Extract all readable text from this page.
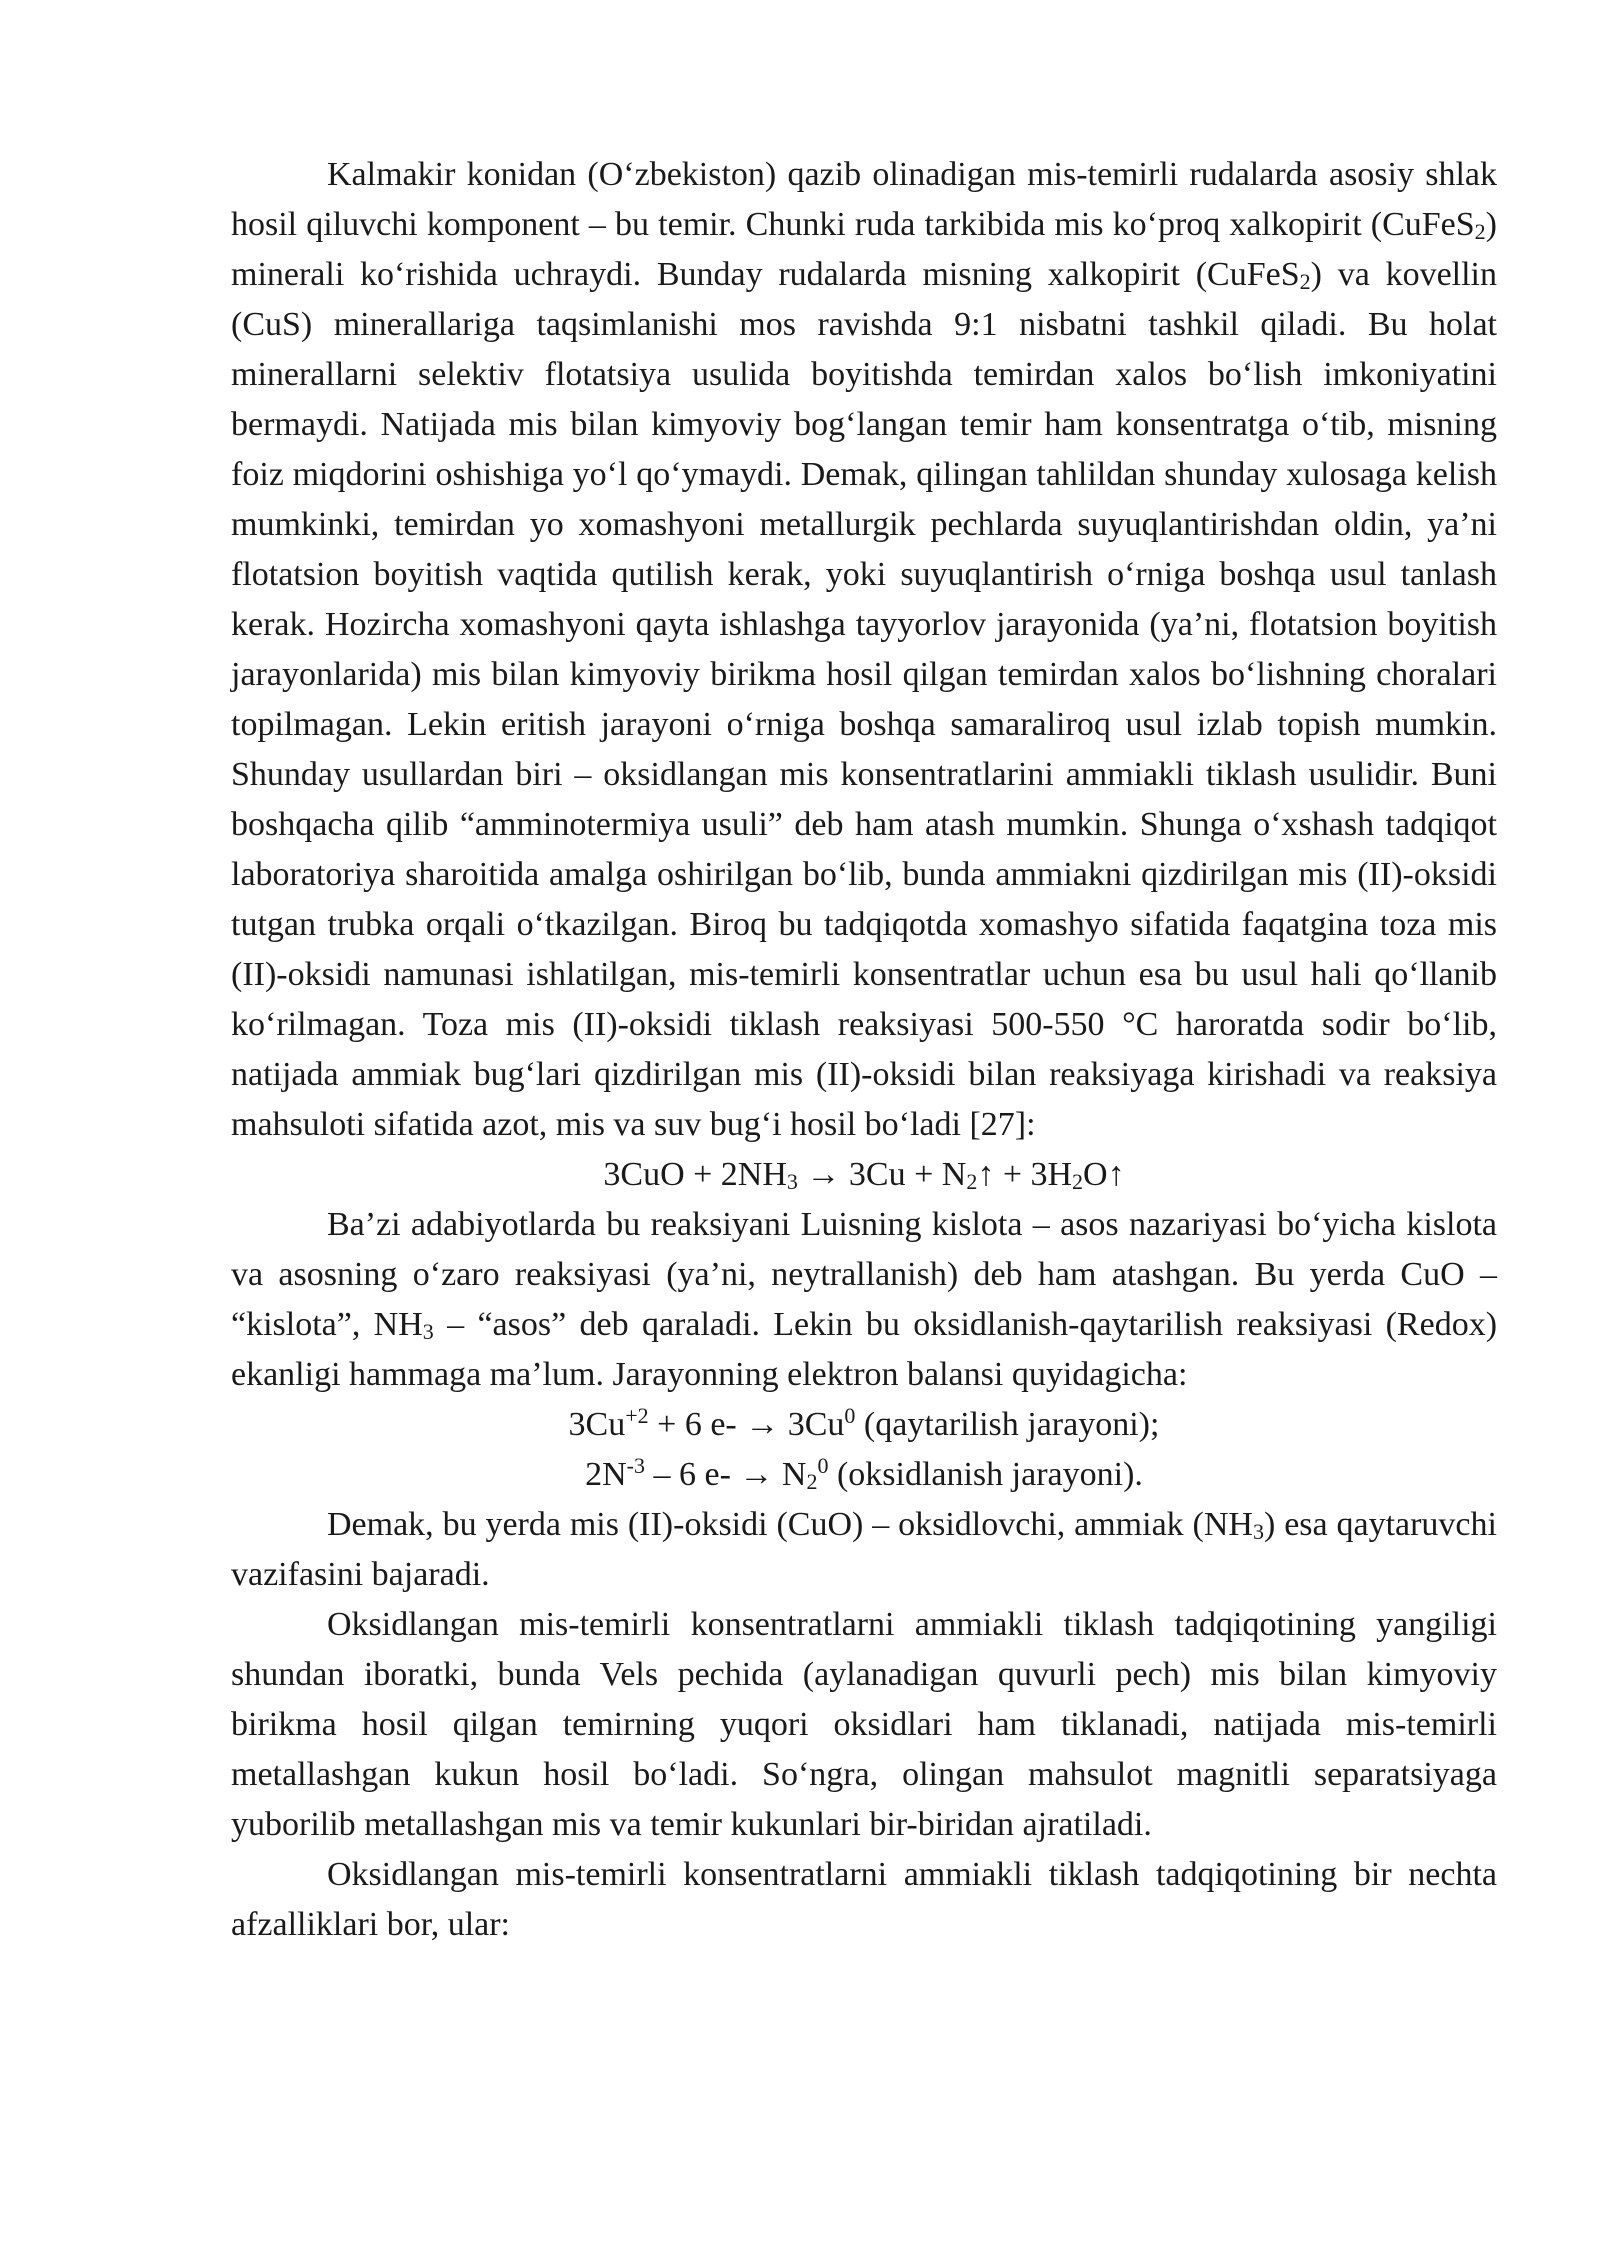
Kalmakir konidan (O‘zbekiston) qazib olinadigan mis-temirli rudalarda asosiy shlak hosil qiluvchi komponent – bu temir. Chunki ruda tarkibida mis ko‘proq xalkopirit (CuFeS$_2$) minerali ko‘rishida uchraydi. Bunday rudalarda misning xalkopirit (CuFeS$_2$) va kovellin (CuS) minerallariga taqsimlanishi mos ravishda 9:1 nisbatni tashkil qiladi. Bu holat minerallarni selektiv flotatsiya usulida boyitishda temirdan xalos bo‘lish imkoniyatini bermaydi. Natijada mis bilan kimyoviy bog‘langan temir ham konsentratga o‘tib, misning foiz miqdorini oshishiga yo‘l qo‘ymaydi. Demak, qilingan tahlildan shunday xulosaga kelish mumkinki, temirdan yo xomashyoni metallurgik pechlarda suyuqlantirishdan oldin, ya’ni flotatsion boyitish vaqtida qutilish kerak, yoki suyuqlantirish o‘rniga boshqa usul tanlash kerak. Hozircha xomashyoni qayta ishlashga tayyorlov jarayonida (ya’ni, flotatsion boyitish jarayonlarida) mis bilan kimyoviy birikma hosil qilgan temirdan xalos bo‘lishning choralari topilmagan. Lekin eritish jarayoni o‘rniga boshqa samaraliroq usul izlab topish mumkin. Shunday usullardan biri – oksidlangan mis konsentratlarini ammiakli tiklash usulidir. Buni boshqacha qilib “amminotermiya usuli” deb ham atash mumkin. Shunga o‘xshash tadqiqot laboratoriya sharoitida amalga oshirilgan bo‘lib, bunda ammiakni qizdirilgan mis (II)-oksidi tutgan trubka orqali o‘tkazilgan. Biroq bu tadqiqotda xomashyo sifatida faqatgina toza mis (II)-oksidi namunasi ishlatilgan, mis-temirli konsentratlar uchun esa bu usul hali qo‘llanib ko‘rilmagan. Toza mis (II)-oksidi tiklash reaksiyasi 500-550 °C haroratda sodir bo‘lib, natijada ammiak bug‘lari qizdirilgan mis (II)-oksidi bilan reaksiyaga kirishadi va reaksiya mahsuloti sifatida azot, mis va suv bug‘i hosil bo‘ladi [27]:

$3CuO + 2NH_3 \to 3Cu$ + $N_2↑$ + $3H_2O↑$

Ba’zi adabiyotlarda bu reaksiyani Luisning kislota – asos nazariyasi bo‘yicha kislota va asosning o‘zaro reaksiyasi (ya’ni, neytrallanish) deb ham atashgan. Bu yerda CuO – “kislota”, $NH_3$ – “asos” deb qaraladi. Lekin bu oksidlanish-qaytarilish reaksiyasi (Redox) ekanligi hammaga ma’lum. Jarayonning elektron balansi quyidagicha:

$3Cu^{+2} + 6$ $e- \to 3Cu^0$ (qaytarilish jarayoni);

$2N^{-3} - 6$ $e- \to N_2^0$ (oksidlanish jarayoni).

Demak, bu yerda mis (II)-oksidi (CuO) – oksidlovchi, ammiak $(NH_3)$ esa qaytaruvchi vazifasini bajaradi.

Oksidlangan mis-temirli konsentratlarni ammiakli tiklash tadqiqotining yangiligi shundan iboratki, bunda Vels pechida (aylanadigan quvurli pech) mis bilan kimyoviy birikma hosil qilgan temirning yuqori oksidlari ham tiklanadi, natijada mis-temirli metallashgan kukun hosil bo‘ladi. So‘ngra, olingan mahsulot magnitli separatsiyaga yuborilib metallashgan mis va temir kukunlari bir-biridan ajratiladi.

Oksidlangan mis-temirli konsentratlarni ammiakli tiklash tadqiqotining bir nechta afzalliklari bor, ular:
